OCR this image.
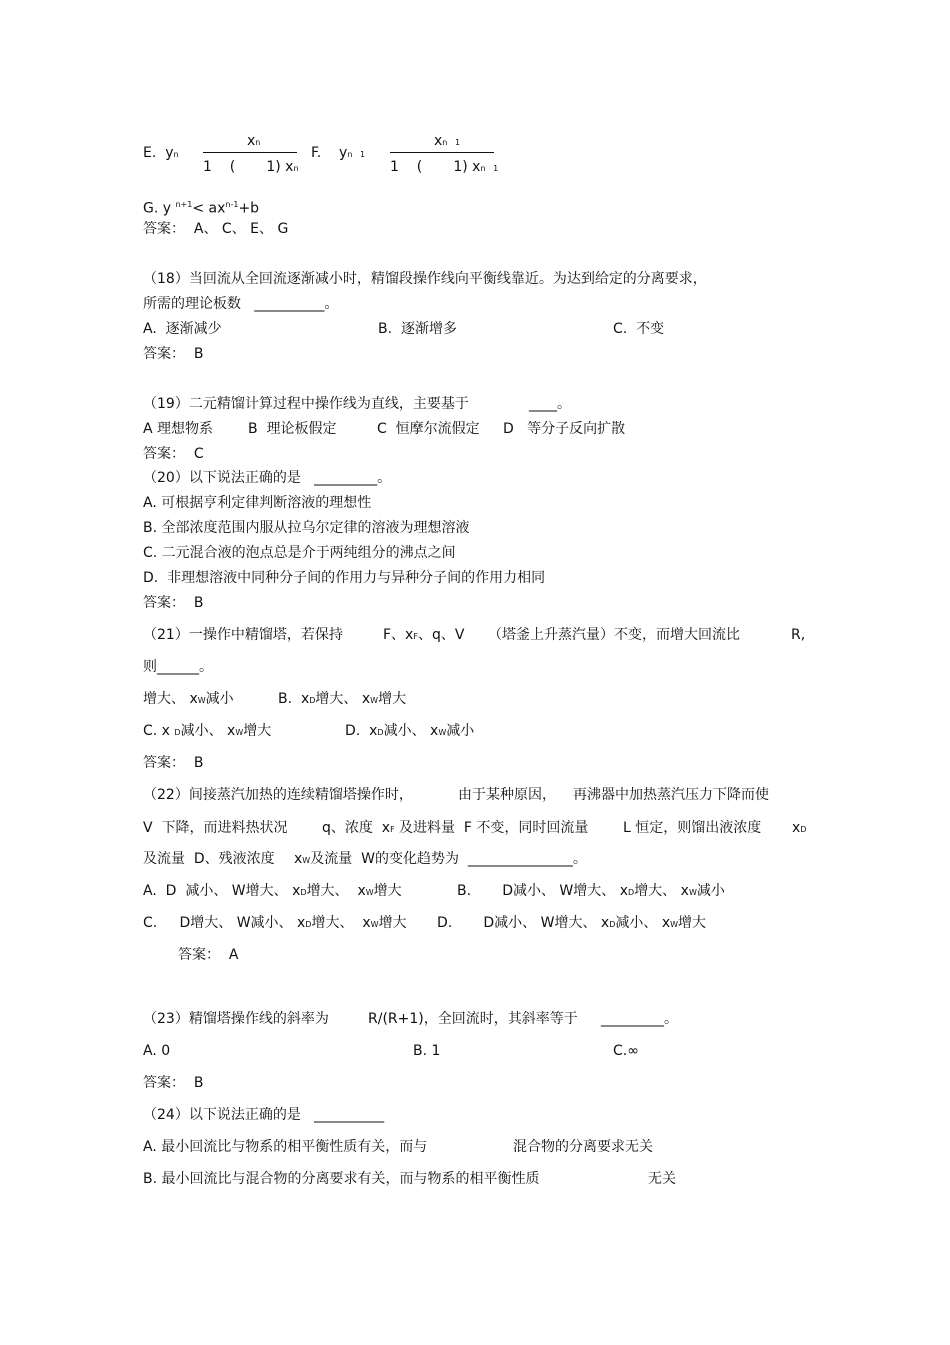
E.  yn
xn
1    (       1) xn
F.    yn   1
xn   1
1    (       1) xn   1
G. y $^{n+1}< ax^{n-1}+b$
答案：  A、 C、 E、 G
（18）当回流从全回流逐渐减小时，精馏段操作线向平衡线靠近。为达到给定的分离要求，
所需的理论板数   __________。
A.  逐渐减少	B.  逐渐增多	C.  不变
答案：  B
（19）二元精馏计算过程中操作线为直线，主要基于	____。
A 理想物系 B  理论板假定	C  恒摩尔流假定 D   等分子反向扩散
答案：  C
（20）以下说法正确的是   _________。
A. 可根据亨利定律判断溶液的理想性
B. 全部浓度范围内服从拉乌尔定律的溶液为理想溶液
C. 二元混合液的泡点总是介于两纯组分的沸点之间
D.  非理想溶液中同种分子间的作用力与异种分子间的作用力相同
答案：  B
（21）一操作中精馏塔，若保持	F、xF、q、V （塔釜上升蒸汽量）不变，而增大回流比	R,
则______。
增大、 xW减小	B.  xD增大、 xW增大
C. x D减小、 xW增大	D.  xD减小、 xW减小
答案：  B
（22）间接蒸汽加热的连续精馏塔操作时，	由于某种原因， 再沸器中加热蒸汽压力下降而使
V  下降，而进料热状况 q、浓度  xF 及进料量  F 不变，同时回流量 L 恒定，则馏出液浓度 xD
及流量  D、残液浓度 xW及流量  W的变化趋势为  _______________。
A.  D  减小、 W增大、 xD增大、  xW增大	B.       D减小、 W增大、 xD增大、 xW减小
C.     D增大、 W减小、 xD增大、  xW增大 D.       D减小、 W增大、 xD减小、 xW增大
答案：  A
（23）精馏塔操作线的斜率为	R/(R+1)，全回流时，其斜率等于 _________。
A. 0	B. 1	C.∞
答案：  B
（24）以下说法正确的是   __________
A. 最小回流比与物系的相平衡性质有关，而与	混合物的分离要求无关
B. 最小回流比与混合物的分离要求有关，而与物系的相平衡性质	无关
